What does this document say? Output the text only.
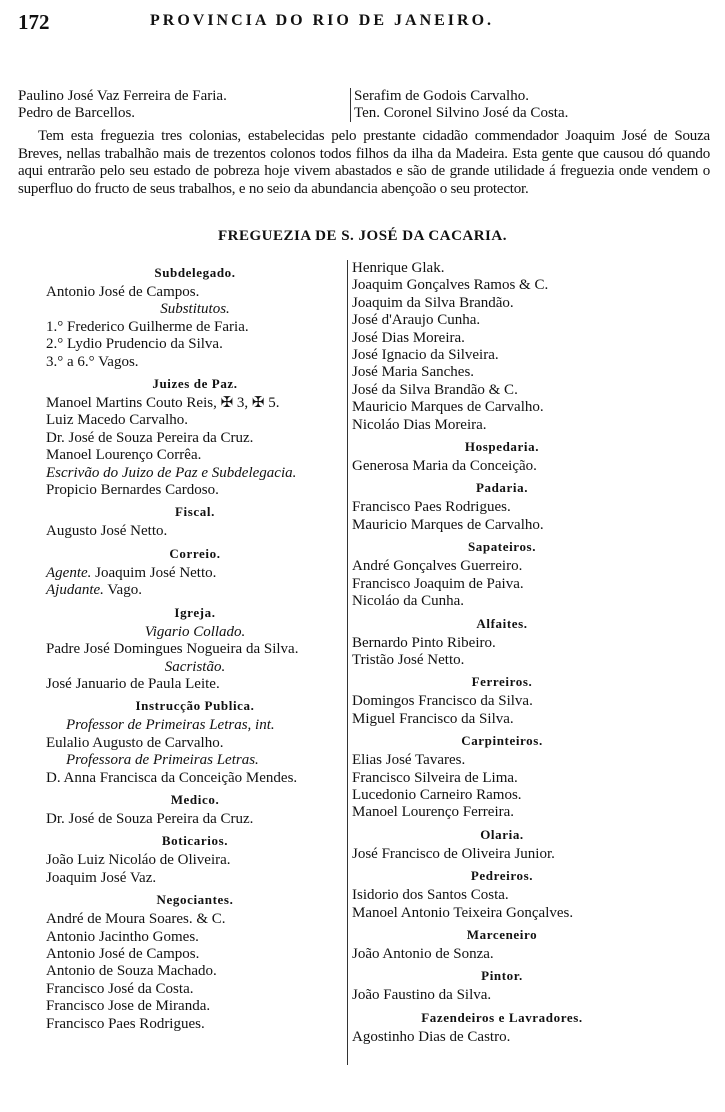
172	PROVINCIA DO RIO DE JANEIRO.
Paulino José Vaz Ferreira de Faria.
Pedro de Barcellos.
Serafim de Godois Carvalho.
Ten. Coronel Silvino José da Costa.
Tem esta freguezia tres colonias, estabelecidas pelo prestante cidadão commendador Joaquim José de Souza Breves, nellas trabalhão mais de trezentos colonos todos filhos da ilha da Madeira. Esta gente que causou dó quando aqui entrarão pelo seu estado de pobreza hoje vivem abastados e são de grande utilidade á freguezia onde vendem o superfluo do fructo de seus trabalhos, e no seio da abundancia abençoão o seu protector.
FREGUEZIA DE S. JOSÉ DA CACARIA.
Subdelegado.
Antonio José de Campos.
Substitutos.
1.° Frederico Guilherme de Faria.
2.° Lydio Prudencio da Silva.
3.° a 6.° Vagos.
Juizes de Paz.
Manoel Martins Couto Reis, ✠ 3, ✠ 5.
Luiz Macedo Carvalho.
Dr. José de Souza Pereira da Cruz.
Manoel Lourenço Corrêa.
Escrivão do Juizo de Paz e Subdelegacia.
Propicio Bernardes Cardoso.
Fiscal.
Augusto José Netto.
Correio.
Agente. Joaquim José Netto.
Ajudante. Vago.
Igreja.
Vigario Collado.
Padre José Domingues Nogueira da Silva.
Sacristão.
José Januario de Paula Leite.
Instrucção Publica.
Professor de Primeiras Letras, int.
Eulalio Augusto de Carvalho.
Professora de Primeiras Letras.
D. Anna Francisca da Conceição Mendes.
Medico.
Dr. José de Souza Pereira da Cruz.
Boticarios.
João Luiz Nicoláo de Oliveira.
Joaquim José Vaz.
Negociantes.
André de Moura Soares. & C.
Antonio Jacintho Gomes.
Antonio José de Campos.
Antonio de Souza Machado.
Francisco José da Costa.
Francisco Jose de Miranda.
Francisco Paes Rodrigues.
Henrique Glak.
Joaquim Gonçalves Ramos & C.
Joaquim da Silva Brandão.
José d'Araujo Cunha.
José Dias Moreira.
José Ignacio da Silveira.
José Maria Sanches.
José da Silva Brandão & C.
Mauricio Marques de Carvalho.
Nicoláo Dias Moreira.
Hospedaria.
Generosa Maria da Conceição.
Padaria.
Francisco Paes Rodrigues.
Mauricio Marques de Carvalho.
Sapateiros.
André Gonçalves Guerreiro.
Francisco Joaquim de Paiva.
Nicoláo da Cunha.
Alfaites.
Bernardo Pinto Ribeiro.
Tristão José Netto.
Ferreiros.
Domingos Francisco da Silva.
Miguel Francisco da Silva.
Carpinteiros.
Elias José Tavares.
Francisco Silveira de Lima.
Lucedonio Carneiro Ramos.
Manoel Lourenço Ferreira.
Olaria.
José Francisco de Oliveira Junior.
Pedreiros.
Isidorio dos Santos Costa.
Manoel Antonio Teixeira Gonçalves.
Marceneiro
João Antonio de Sonza.
Pintor.
João Faustino da Silva.
Fazendeiros e Lavradores.
Agostinho Dias de Castro.
